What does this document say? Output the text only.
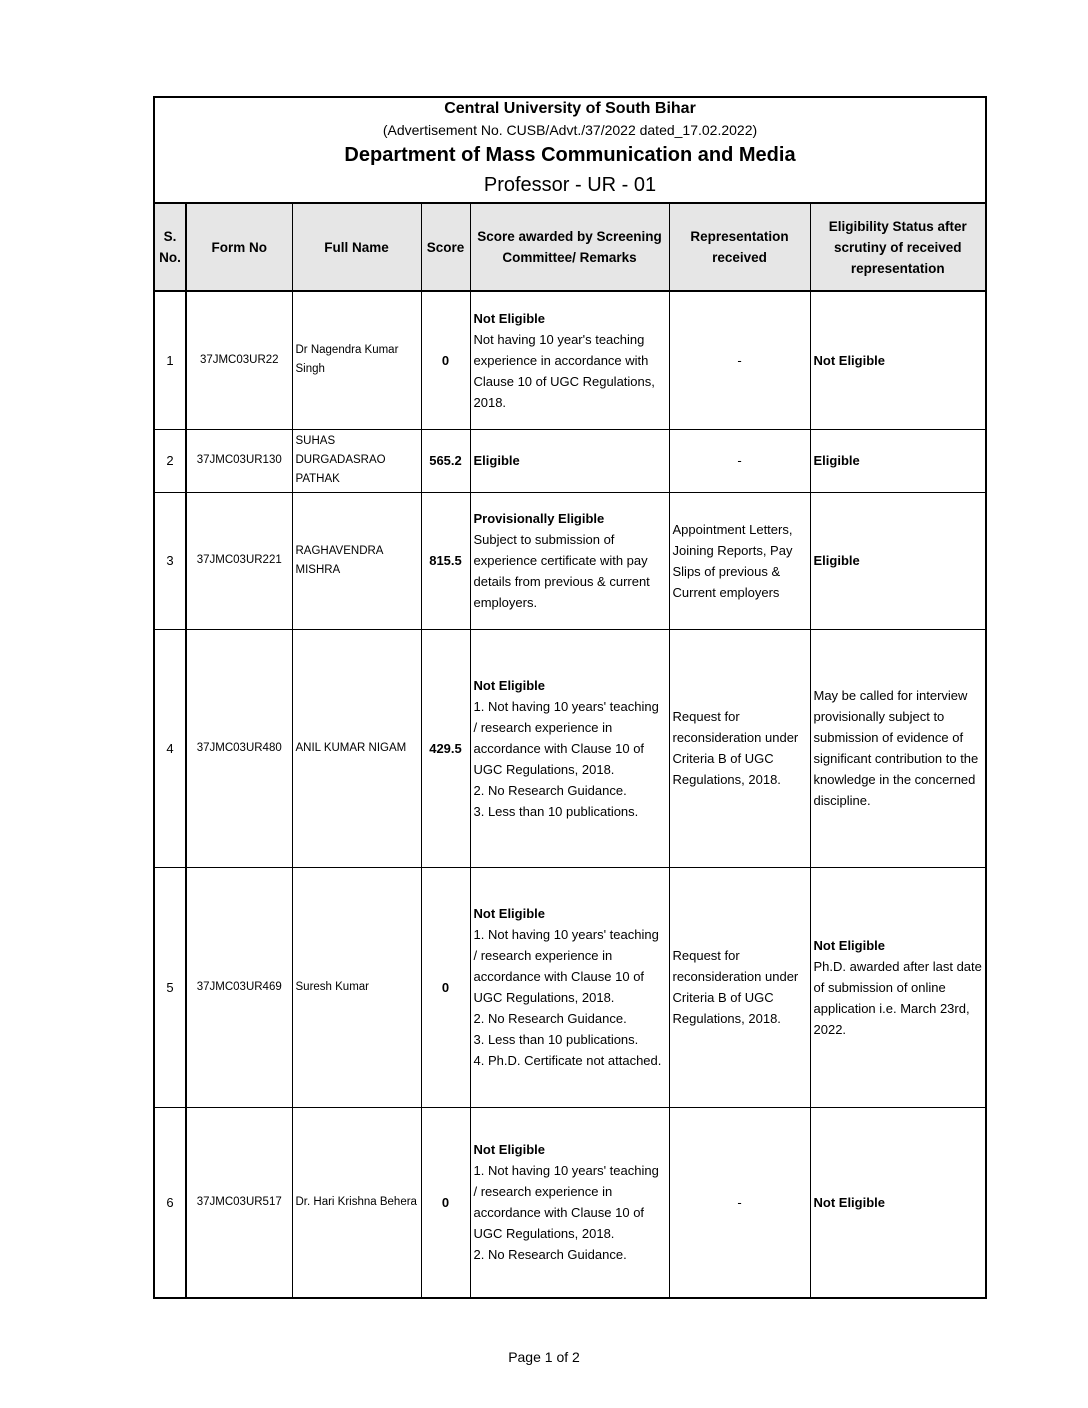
Central University of South Bihar
(Advertisement No. CUSB/Advt./37/2022 dated_17.02.2022)
Department of Mass Communication and Media
Professor - UR - 01
S. No.	Form No	Full Name	Score	Score awarded by Screening Committee/ Remarks	Representation received	Eligibility Status after scrutiny of received representation
1	37JMC03UR22	Dr Nagendra Kumar Singh	0	Not Eligible
Not having 10 year's teaching experience in accordance with Clause 10 of UGC Regulations, 2018.	-	Not Eligible

2	37JMC03UR130	SUHAS DURGADASRAO PATHAK	565.2	Eligible	-	Eligible

3	37JMC03UR221	RAGHAVENDRA MISHRA	815.5	Provisionally Eligible
Subject to submission of experience certificate with pay details from previous & current employers.	Appointment Letters, Joining Reports, Pay Slips of previous & Current employers	Eligible

4	37JMC03UR480	ANIL KUMAR NIGAM	429.5	Not Eligible
1. Not having 10 years' teaching / research experience in accordance with Clause 10 of UGC Regulations, 2018.
2. No Research Guidance.
3. Less than 10 publications.	Request for reconsideration under Criteria B of UGC Regulations, 2018.	May be called for interview provisionally subject to submission of evidence of significant contribution to the knowledge in the concerned discipline.

5	37JMC03UR469	Suresh Kumar	0	Not Eligible
1. Not having 10 years' teaching / research experience in accordance with Clause 10 of UGC Regulations, 2018.
2. No Research Guidance.
3. Less than 10 publications.
4. Ph.D. Certificate not attached.	Request for reconsideration under Criteria B of UGC Regulations, 2018.	Not Eligible
Ph.D. awarded after last date of submission of online application i.e. March 23rd, 2022.

6	37JMC03UR517	Dr. Hari Krishna Behera	0	Not Eligible
1. Not having 10 years' teaching / research experience in accordance with Clause 10 of UGC Regulations, 2018.
2. No Research Guidance.	-	Not Eligible
Page 1 of 2
